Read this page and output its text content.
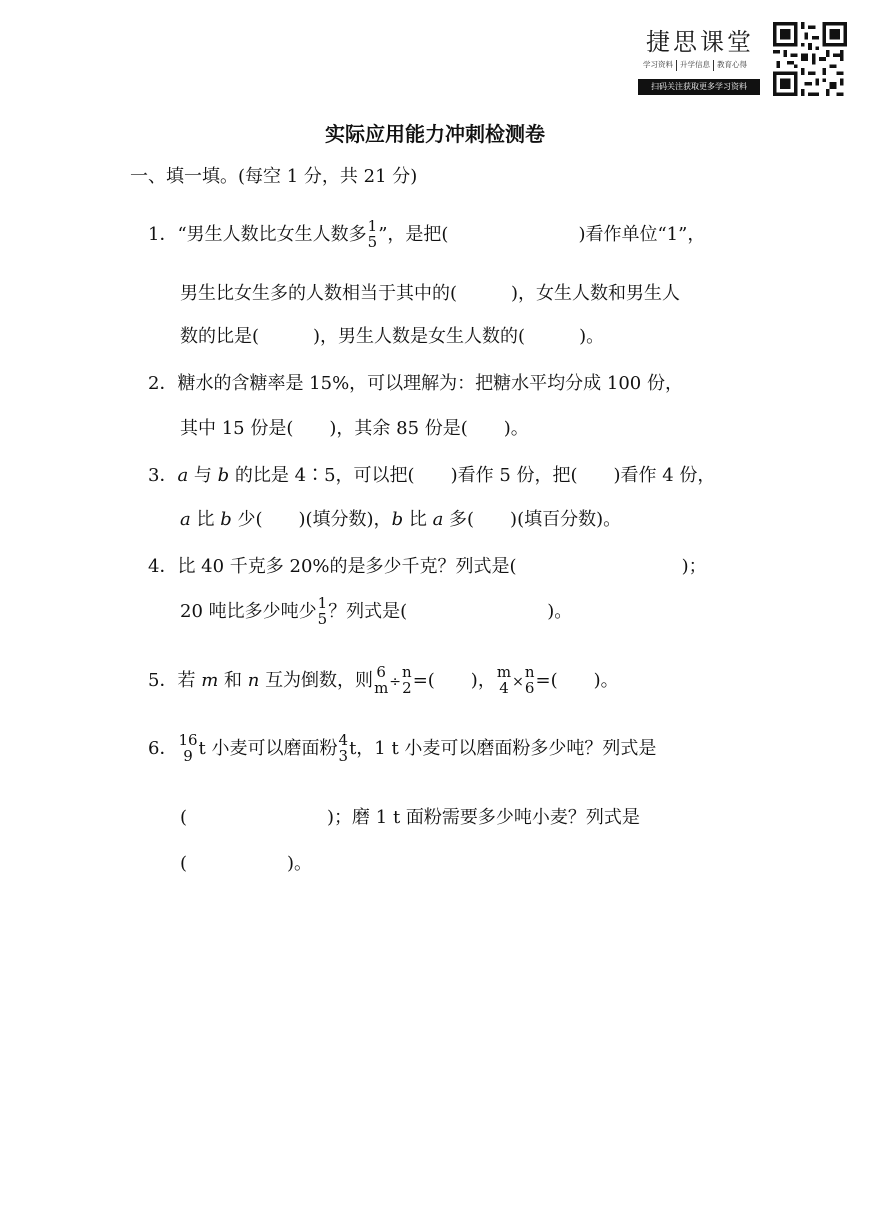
捷思课堂
学习资料 升学信息 教育心得
扫码关注获取更多学习资料
实际应用能力冲刺检测卷
一、填一填。(每空 1 分，共 21 分)
1．“男生人数比女生人数多 1
5 ”，是把(	)看作单位“1”，
男生比女生多的人数相当于其中的(　　　)，女生人数和男生人
数的比是(　　　)，男生人数是女生人数的(　　　)。
2．糖水的含糖率是 15%，可以理解为：把糖水平均分成 100 份，
其中 15 份是(　　)，其余 85 份是(　　)。
3．a 与 b 的比是 4∶5，可以把(　　)看作 5 份，把(　　)看作 4 份，
a 比 b 少(　　)(填分数)，b 比 a 多(　　)(填百分数)。
4．比 40 千克多 20%的是多少千克？列式是(	)；
20 吨比多少吨少 1
5 ？列式是(	)。
5．若 m 和 n 互为倒数，则 6
m ÷
n
2 =(　　)， m
4 ×
n
6 =(　　)。
6． 16
9 t 小麦可以磨面粉 4
3 t，1 t 小麦可以磨面粉多少吨？列式是
(	)；磨 1 t 面粉需要多少吨小麦？列式是
(	)。
